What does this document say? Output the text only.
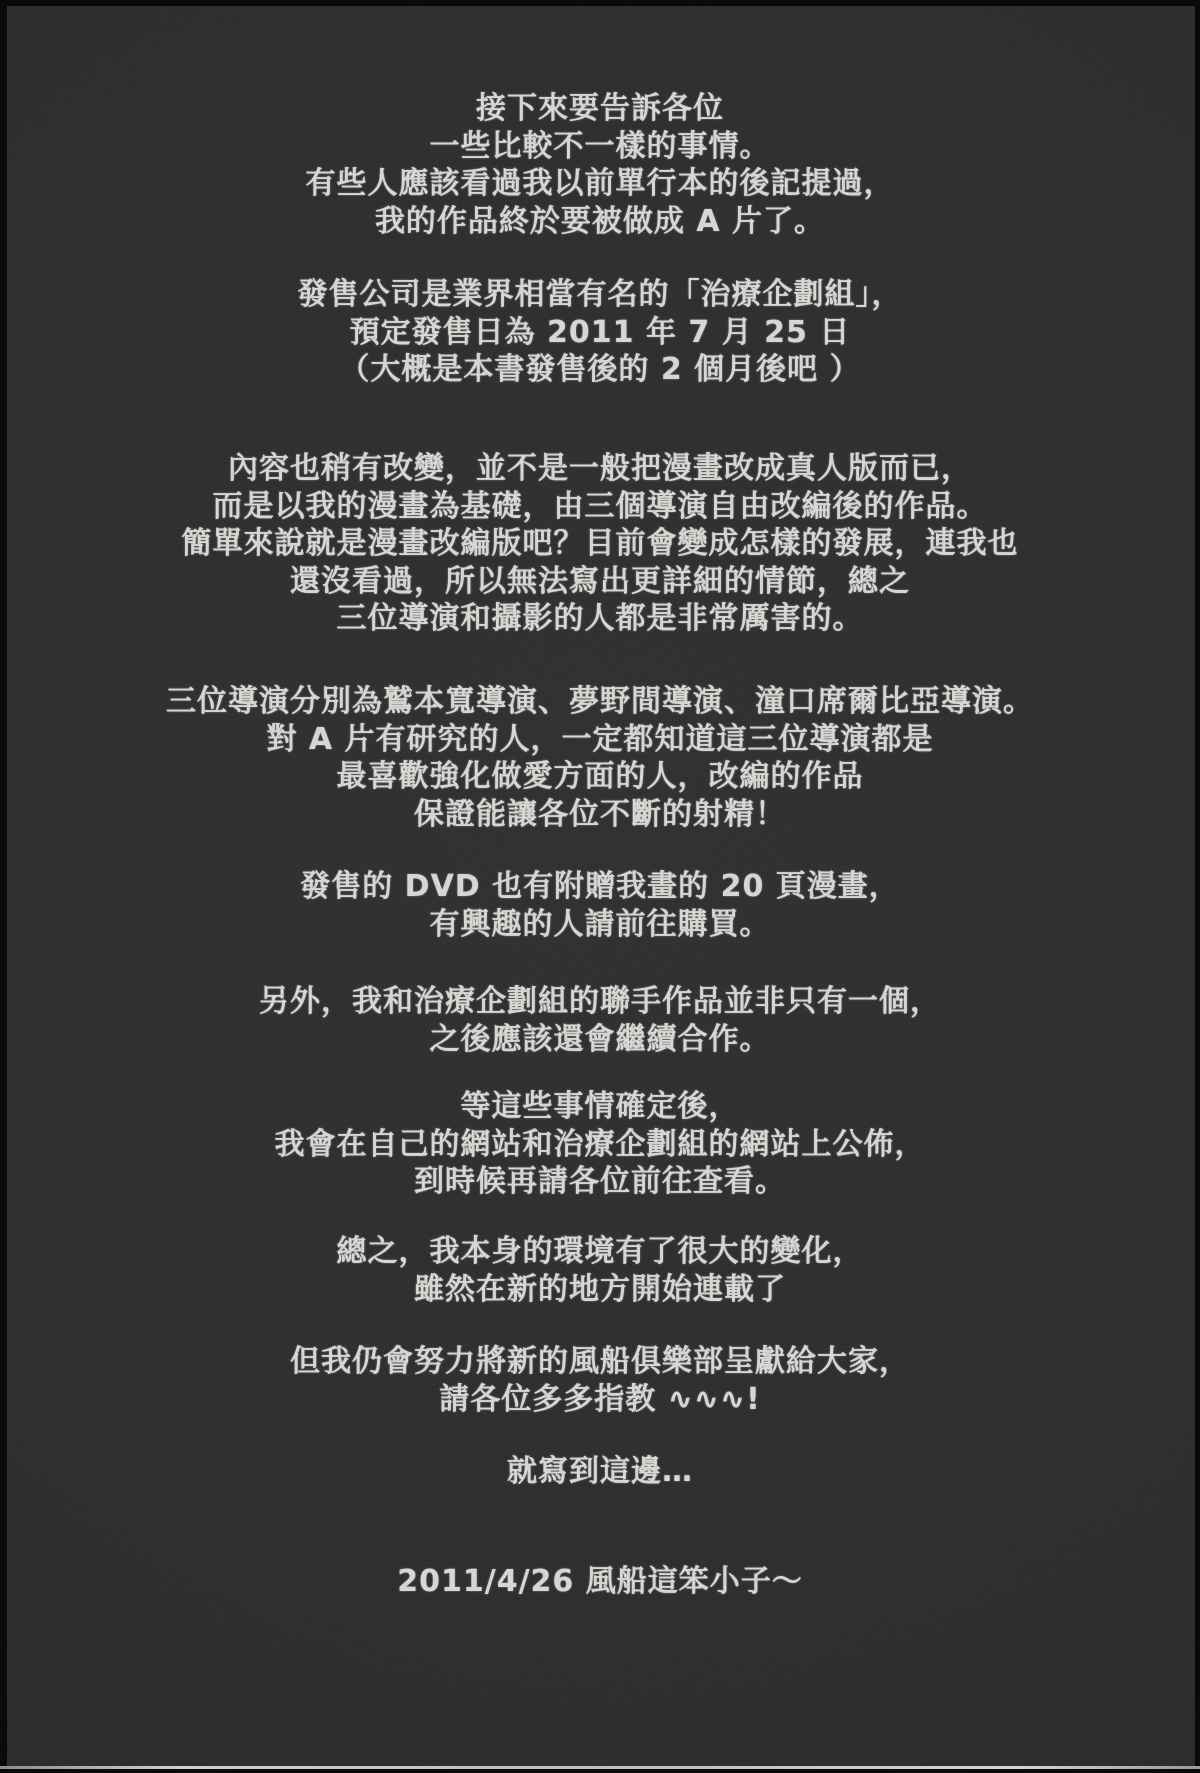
接下來要告訴各位
一些比較不一樣的事情。
有些人應該看過我以前單行本的後記提過，
我的作品終於要被做成 A 片了。
發售公司是業界相當有名的「治療企劃組」，
預定發售日為 2011 年 7 月 25 日
（大概是本書發售後的 2 個月後吧 ）
內容也稍有改變，並不是一般把漫畫改成真人版而已，
而是以我的漫畫為基礎，由三個導演自由改編後的作品。
簡單來說就是漫畫改編版吧？目前會變成怎樣的發展，連我也
還沒看過，所以無法寫出更詳細的情節，總之
三位導演和攝影的人都是非常厲害的。
三位導演分別為鷲本寬導演、夢野間導演、潼口席爾比亞導演。
對 A 片有研究的人，一定都知道這三位導演都是
最喜歡強化做愛方面的人，改編的作品
保證能讓各位不斷的射精！
發售的 DVD 也有附贈我畫的 20 頁漫畫，
有興趣的人請前往購買。
另外，我和治療企劃組的聯手作品並非只有一個，
之後應該還會繼續合作。
等這些事情確定後，
我會在自己的網站和治療企劃組的網站上公佈，
到時候再請各位前往查看。
總之，我本身的環境有了很大的變化，
雖然在新的地方開始連載了
但我仍會努力將新的風船俱樂部呈獻給大家，
請各位多多指教 ∿∿∿!
就寫到這邊…
2011/4/26 風船這笨小子～
